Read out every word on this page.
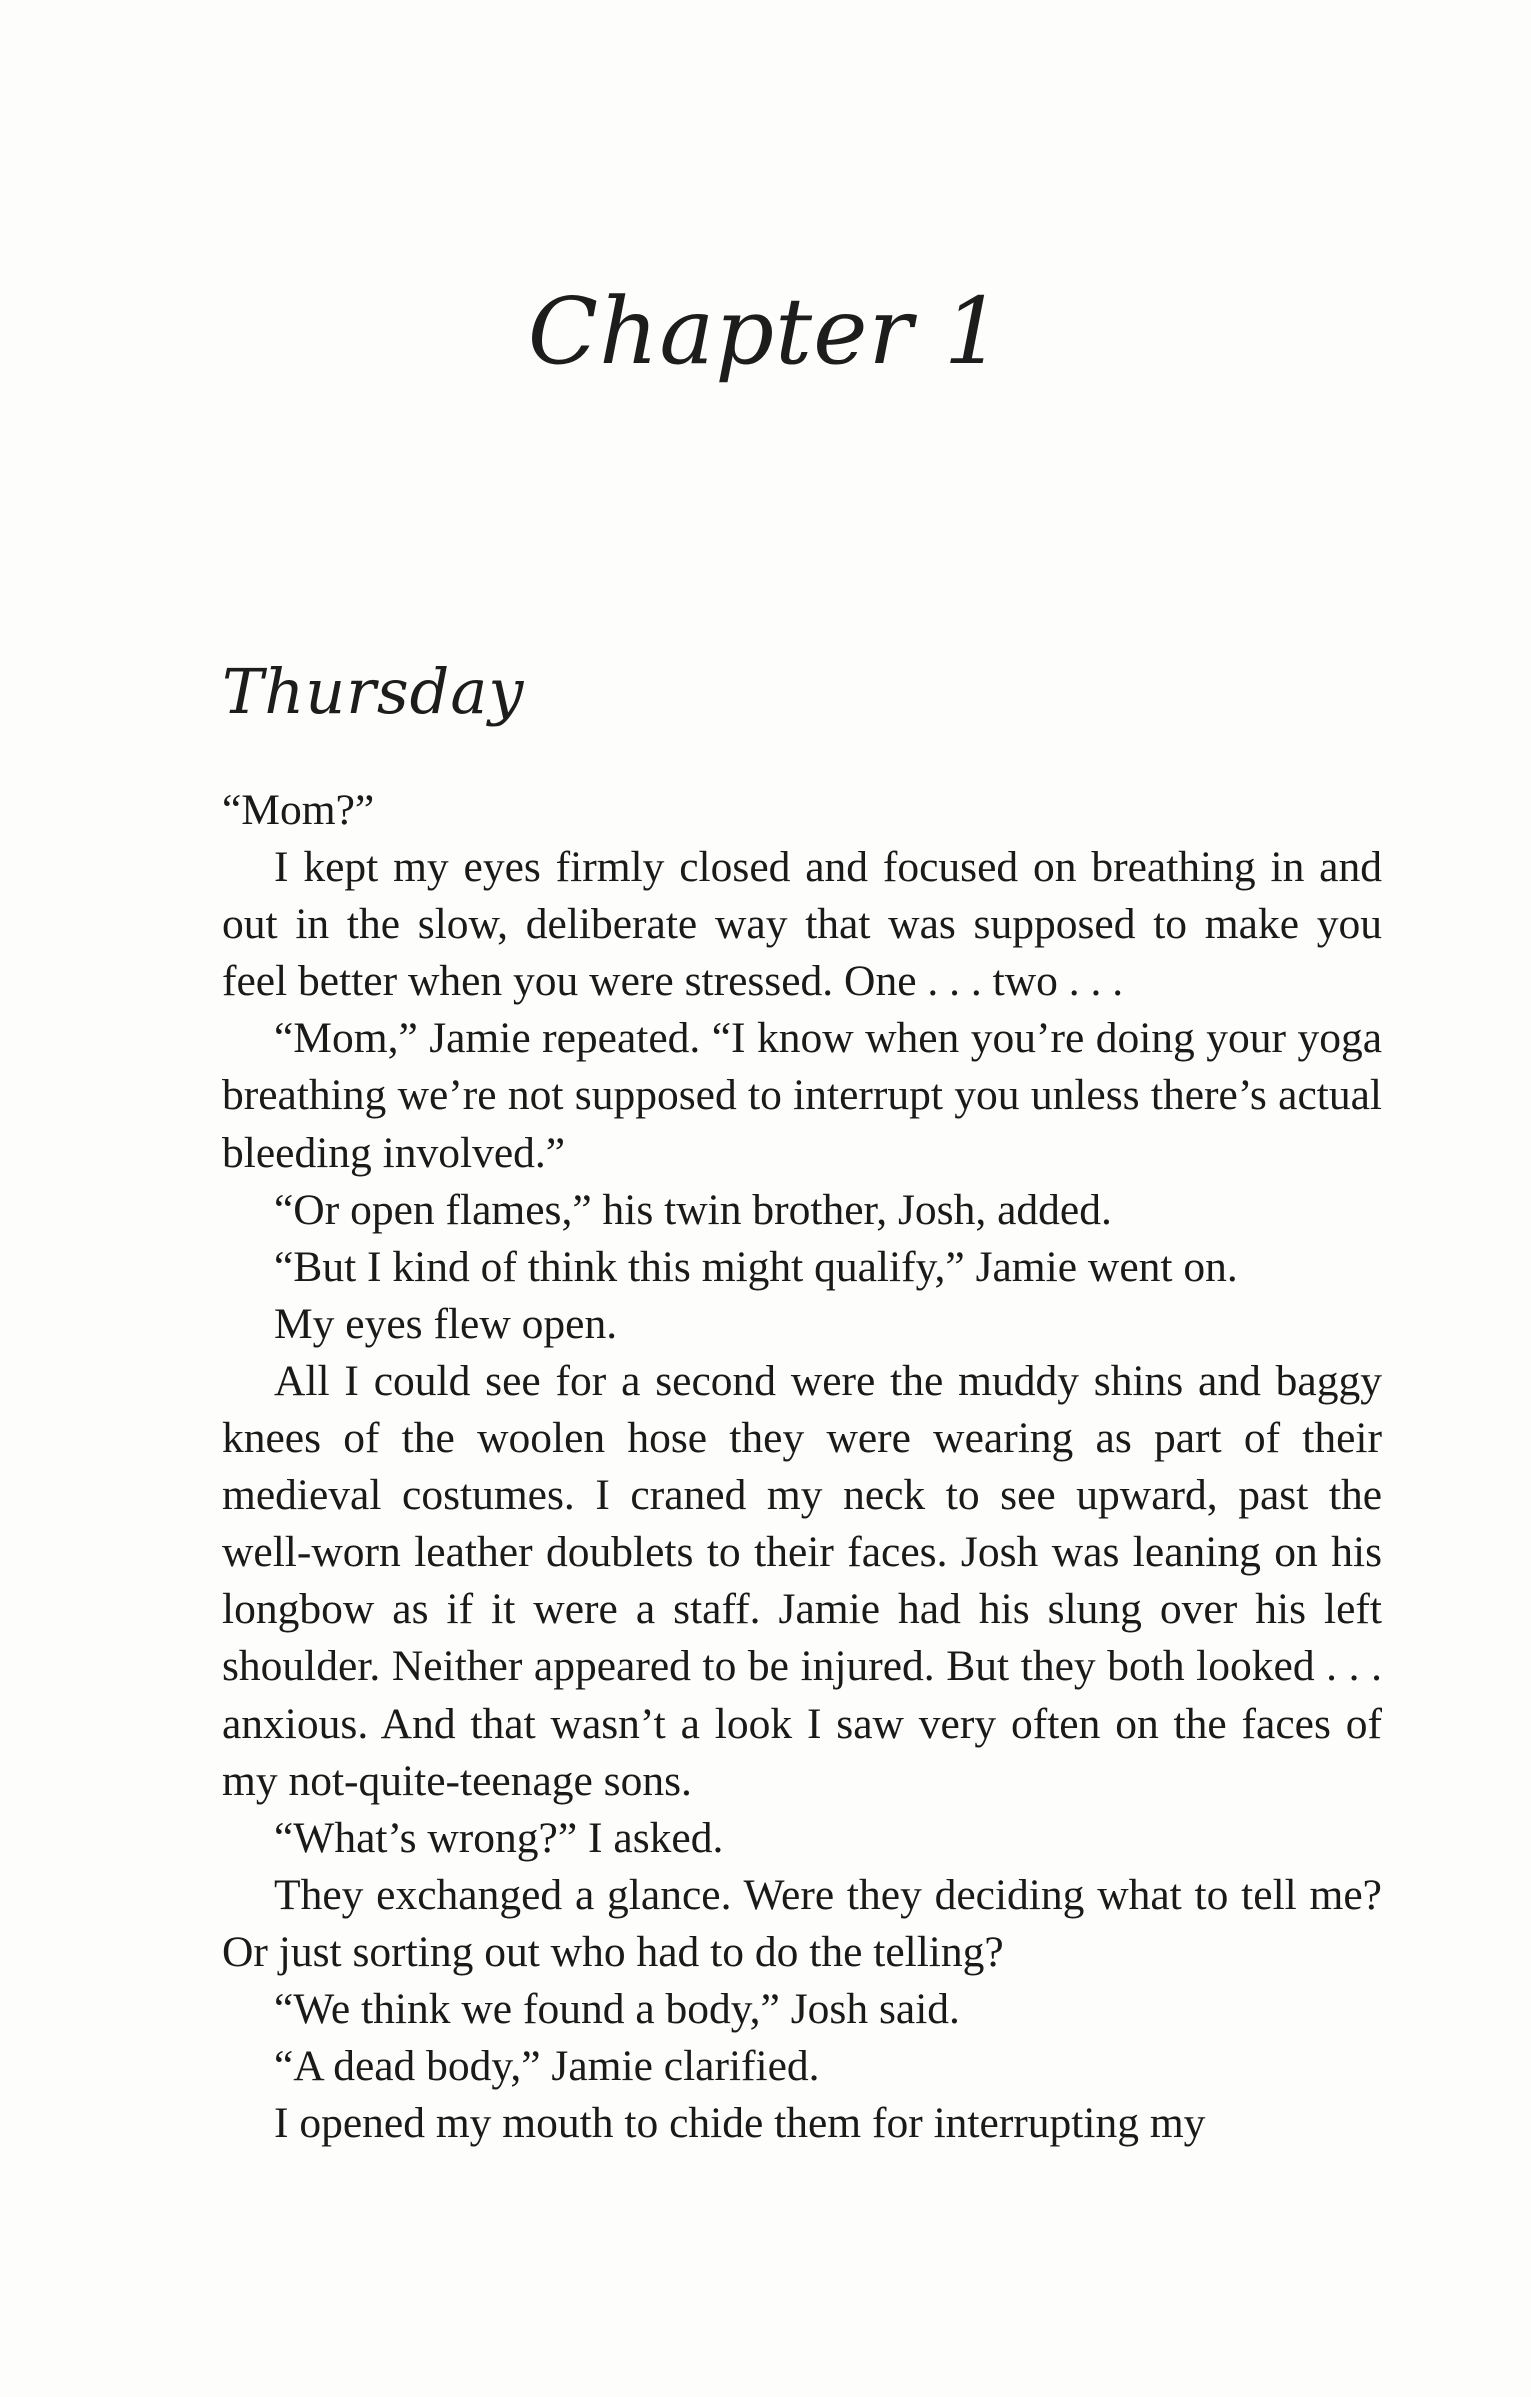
Chapter 1
Thursday

“Mom?”

I kept my eyes firmly closed and focused on breathing in and out in the slow, deliberate way that was supposed to make you feel better when you were stressed. One . . . two . . .

“Mom,” Jamie repeated. “I know when you’re doing your yoga breathing we’re not supposed to interrupt you unless there’s actual bleeding involved.”

“Or open flames,” his twin brother, Josh, added.

“But I kind of think this might qualify,” Jamie went on.

My eyes flew open.

All I could see for a second were the muddy shins and baggy knees of the woolen hose they were wearing as part of their medieval costumes. I craned my neck to see upward, past the well-worn leather doublets to their faces. Josh was leaning on his longbow as if it were a staff. Jamie had his slung over his left shoulder. Neither appeared to be injured. But they both looked . . . anxious. And that wasn’t a look I saw very often on the faces of my not-quite-teenage sons.

“What’s wrong?” I asked.

They exchanged a glance. Were they deciding what to tell me? Or just sorting out who had to do the telling?

“We think we found a body,” Josh said.

“A dead body,” Jamie clarified.

I opened my mouth to chide them for interrupting my
